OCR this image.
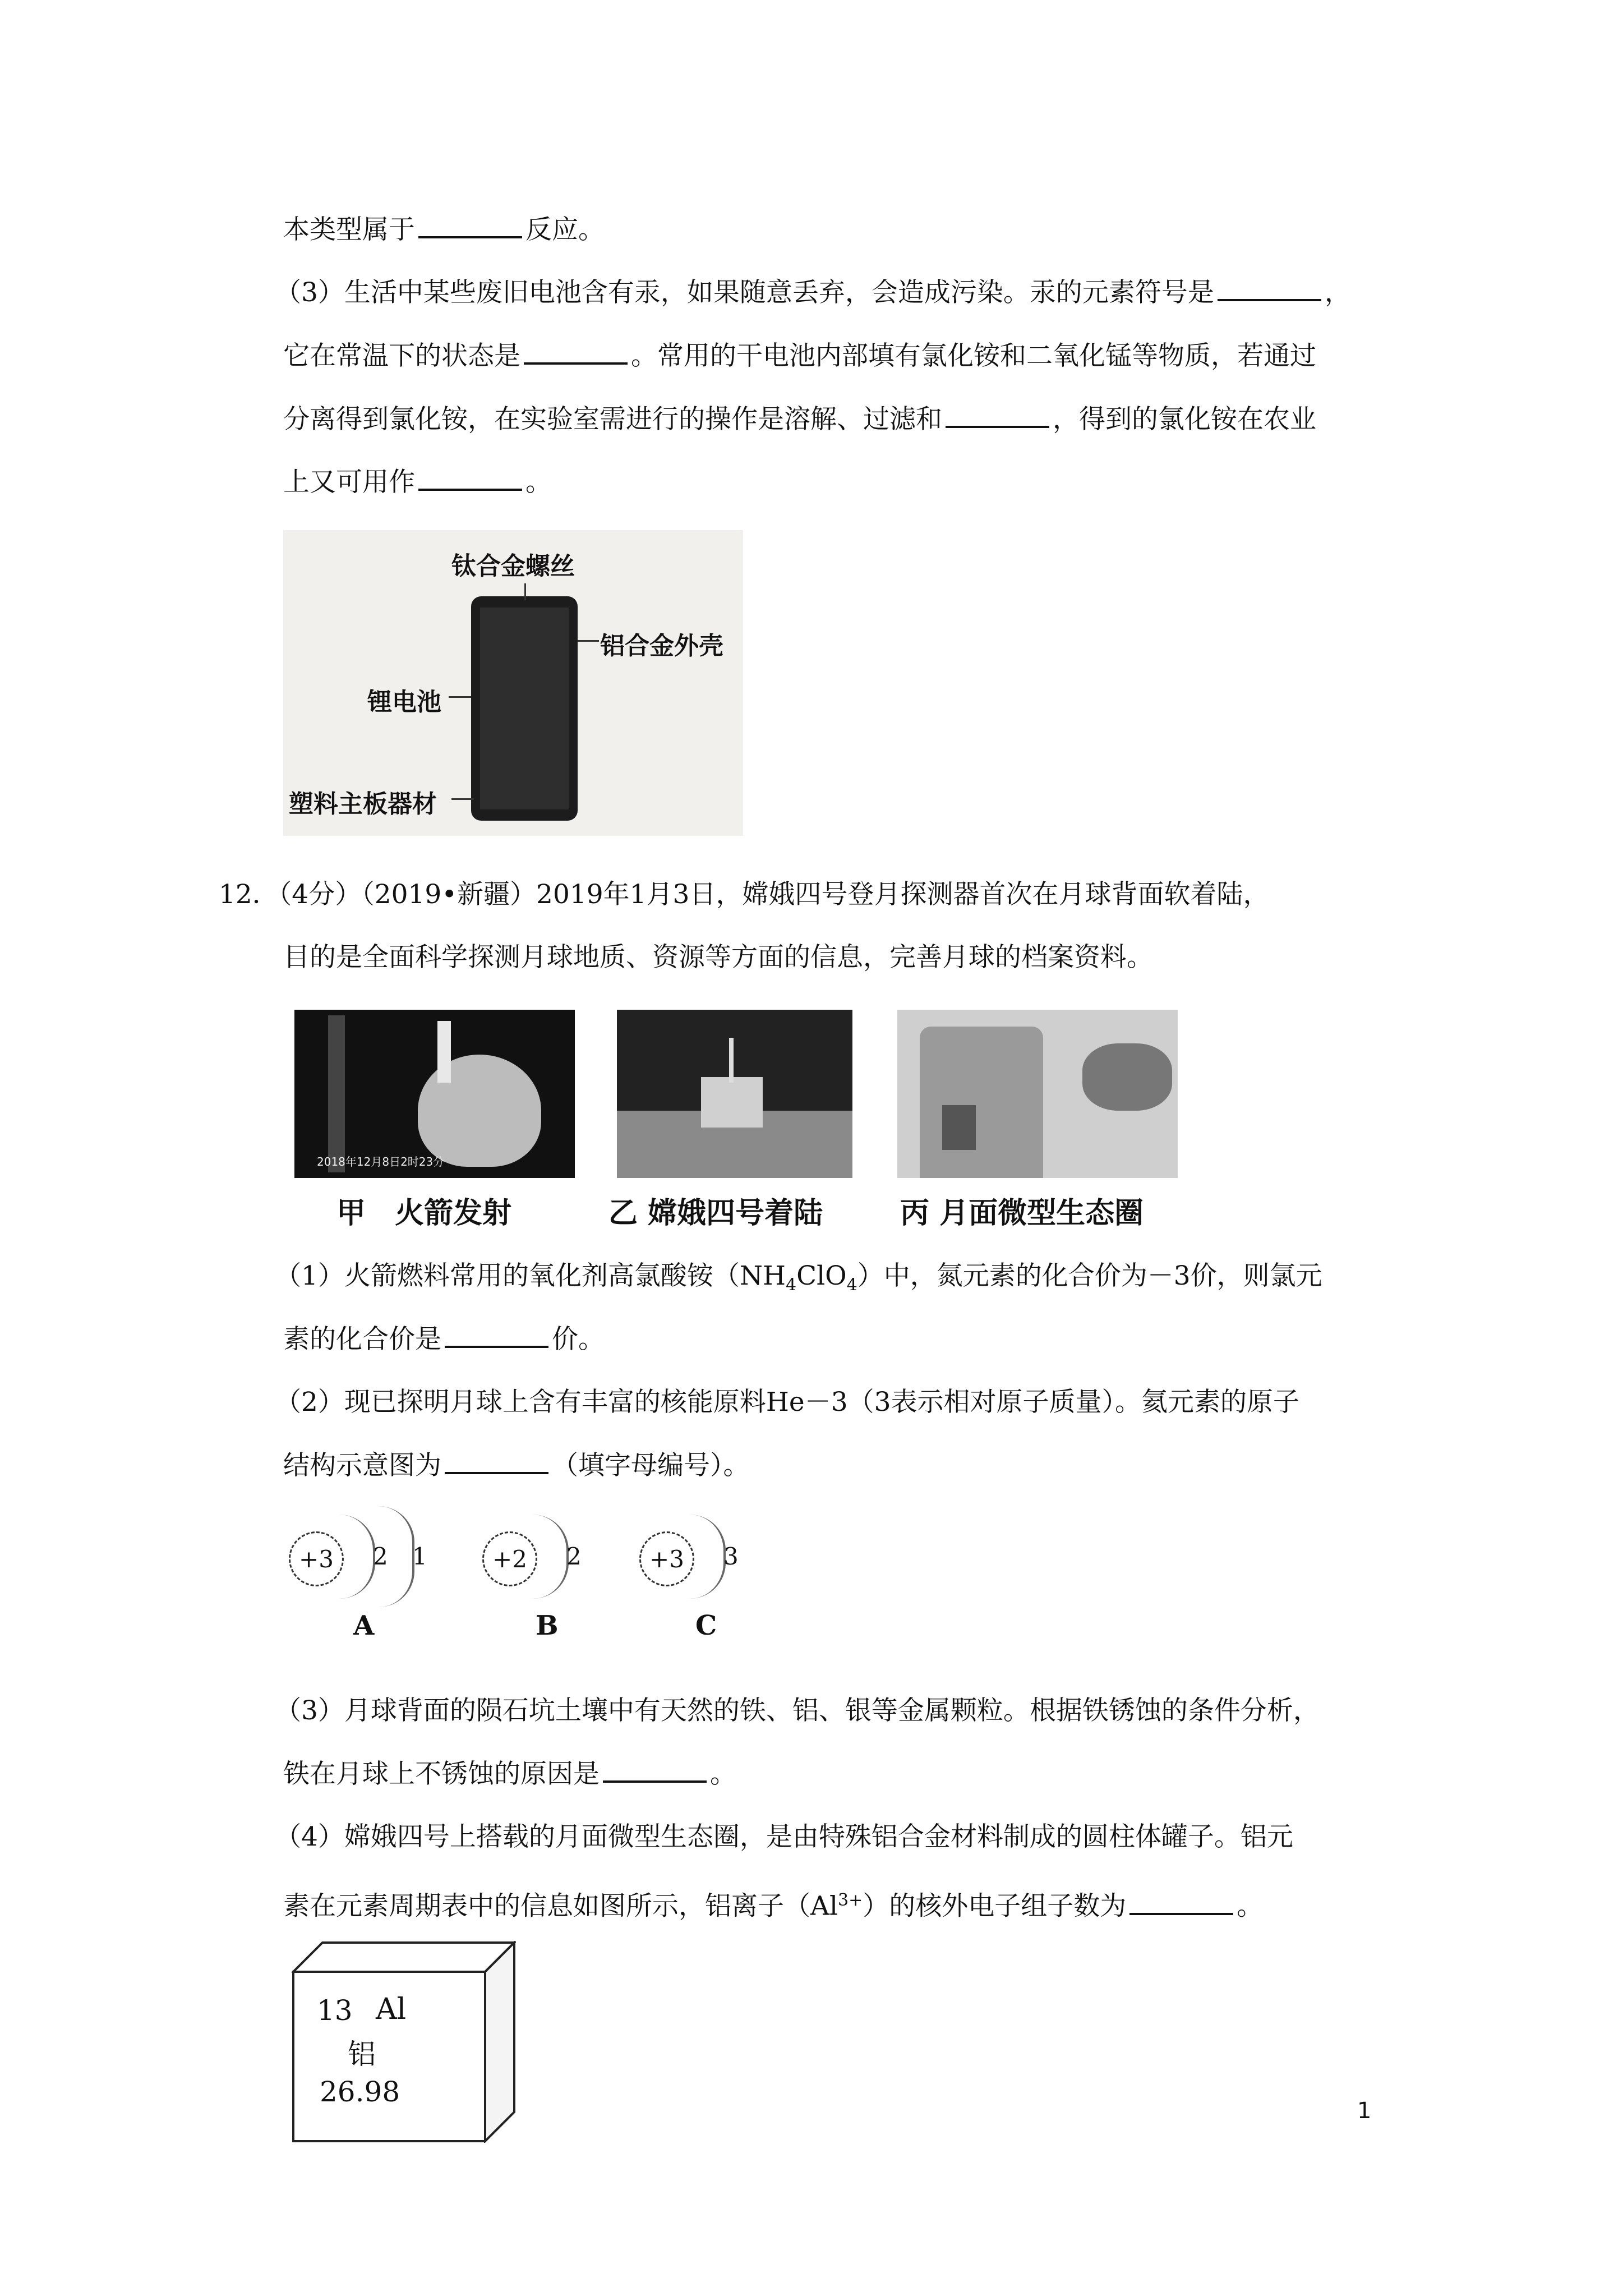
本类型属于	反应。
（3）生活中某些废旧电池含有汞，如果随意丢弃，会造成污染。汞的元素符号是	，
它在常温下的状态是	。常用的干电池内部填有氯化铵和二氧化锰等物质，若通过
分离得到氯化铵，在实验室需进行的操作是溶解、过滤和	，得到的氯化铵在农业
上又可用作	。
钛合金螺丝
铝合金外壳
锂电池
塑料主板器材
12．（4分）（2019•新疆）2019年1月3日，嫦娥四号登月探测器首次在月球背面软着陆，
目的是全面科学探测月球地质、资源等方面的信息，完善月球的档案资料。
2018年12月8日2时23分
甲　火箭发射	乙 嫦娥四号着陆	丙 月面微型生态圈
（1）火箭燃料常用的氧化剂高氯酸铵$(NH_4ClO_4)$中，氮元素的化合价为－3价，则氯元
素的化合价是	价。
（2）现已探明月球上含有丰富的核能原料He－3（3表示相对原子质量）。氦元素的原子
结构示意图为	（填字母编号）。
+3	2 1
A
+2	2
B
+3	3
C
（3）月球背面的陨石坑土壤中有天然的铁、铝、银等金属颗粒。根据铁锈蚀的条件分析，
铁在月球上不锈蚀的原因是	。
（4）嫦娥四号上搭载的月面微型生态圈，是由特殊铝合金材料制成的圆柱体罐子。铝元
素在元素周期表中的信息如图所示，铝离子$(Al^{3+})$的核外电子组子数为	。
13 Al
铝
26.98
1
